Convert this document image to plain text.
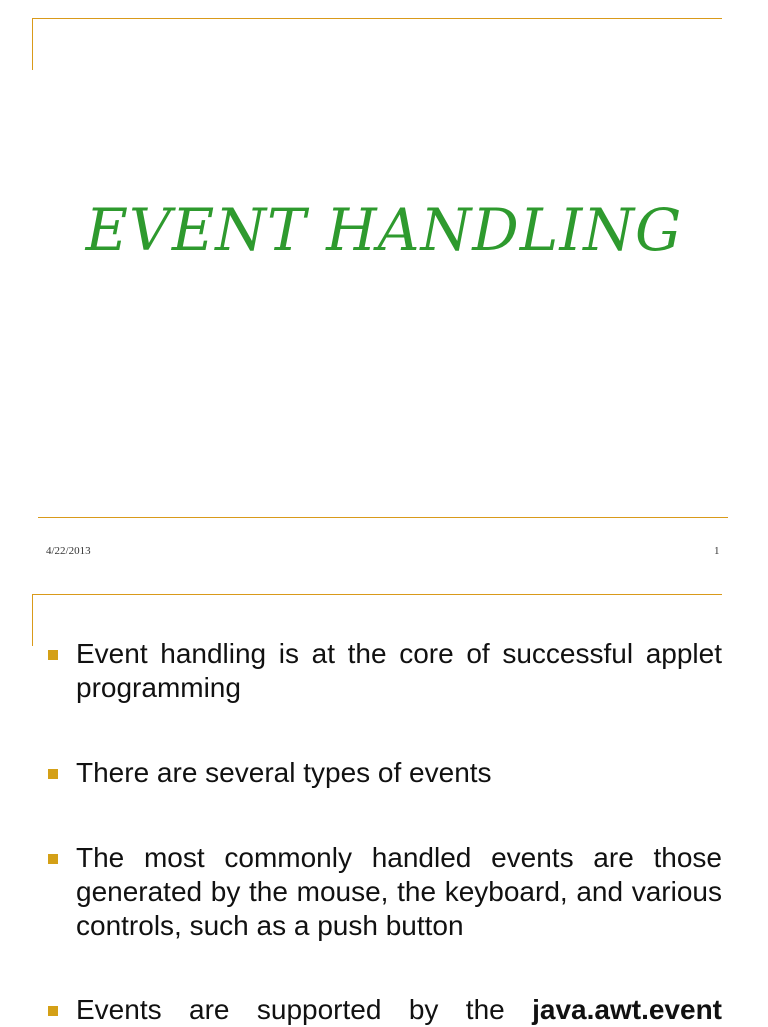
EVENT HANDLING
4/22/2013	1
Event handling is at the core of successful applet programming
There are several types of events
The most commonly handled events are those generated by the mouse, the keyboard, and various controls, such as a push button
Events are supported by the java.awt.event
